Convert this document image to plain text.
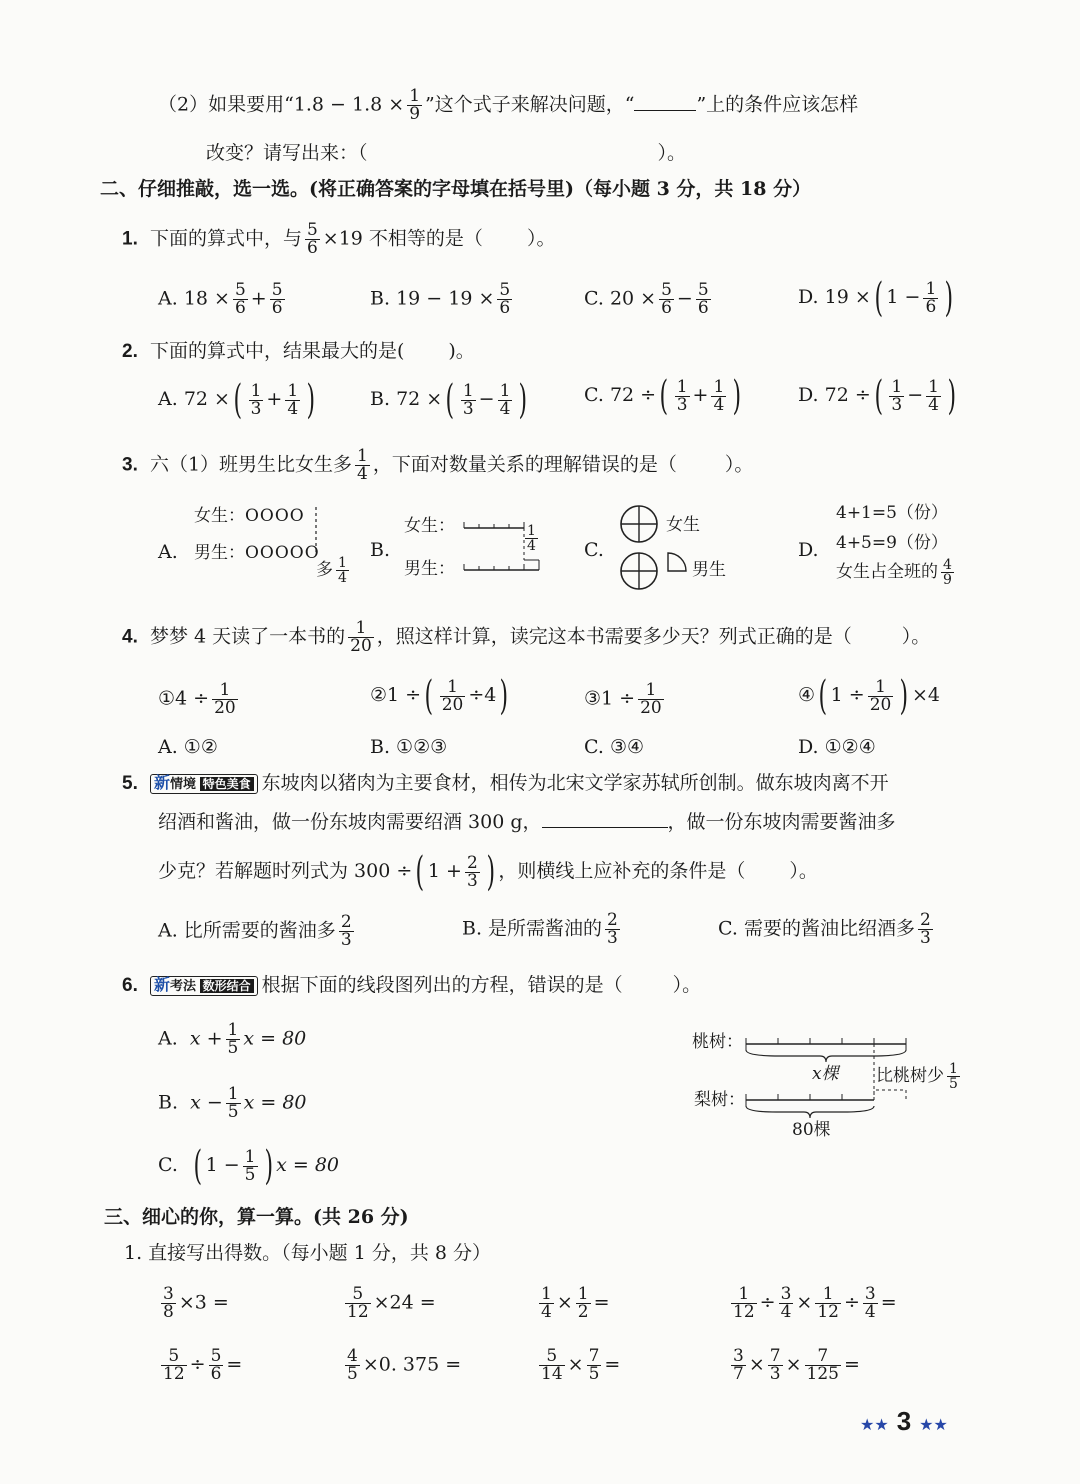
（2）如果要用“$1.8 - 1.8 \times \frac{1}{9}$ ”这个式子来解决问题，“	”上的条件应该怎样
改变？请写出来：（	）。
二、仔细推敲，选一选。(将正确答案的字母填在括号里)（每小题 3 分，共 18 分）
1. 下面的算式中，与 $\frac{5}{6} \times 19$ 不相等的是（ ）。
A. $18 \times \frac{5}{6} + \frac{5}{6}$	B. $19 - 19 \times \frac{5}{6}$	C. $20 \times \frac{5}{6} - \frac{5}{6}$	D. 19 ×( $1 - \frac{1}{6}$ )
2. 下面的算式中，结果最大的是( )。
A. 72 ×( $\frac{1}{3} + \frac{1}{4}$ )	B. 72 ×( $\frac{1}{3} - \frac{1}{4}$ )	C. 72 ÷( $\frac{1}{3} + \frac{1}{4}$ )	D. 72 ÷( $\frac{1}{3} - \frac{1}{4}$ )
3. 六（1）班男生比女生多 $\frac{1}{4}$ ，下面对数量关系的理解错误的是（	）。
A.
女生：OOOO
男生：OOOOO
多 $\frac{1}{4}$
B.
女生：
男生：
$\frac{1}{4} C$.
女生
男生
D.
4+1=5（份）
4+5=9（份）
女生占全班的 $\frac{4}{9}$
4. 梦梦 4 天读了一本书的 $\frac{1}{20}$ ，照这样计算，读完这本书需要多少天？列式正确的是（	）。
①4 ÷ $\frac{1}{20}$	②1 ÷( $\frac{1}{20} \div 4$)	③1 ÷ $\frac{1}{20}$	④( $1 \div \frac{1}{20}$ ) ×4
A. ①②	B. ①②③	C. ③④	D. ①②④
5. 新情境 特色美食 东坡肉以猪肉为主要食材，相传为北宋文学家苏轼所创制。做东坡肉离不开
绍酒和酱油，做一份东坡肉需要绍酒 300 g，	，做一份东坡肉需要酱油多
少克？若解题时列式为 300 ÷( $1 + \frac{2}{3}$ ) ，则横线上应补充的条件是（ ）。
A. 比所需要的酱油多 $\frac{2}{3}$	B. 是所需酱油的 $\frac{2}{3}$	C. 需要的酱油比绍酒多 $\frac{2}{3}$
6. 新考法 数形结合 根据下面的线段图列出的方程，错误的是（	）。
A. $x + \frac{1}{5}$ x = 80
B. $x - \frac{1}{5}$ x = 80
C. ( $1 - \frac{1}{5}$ ) x = 80
桃树：
梨树：
x棵 比桃树少 $\frac{1}{5}$
80棵
三、细心的你，算一算。(共 26 分)
1. 直接写出得数。（每小题 1 分，共 8 分）
$\frac{3}{8} \times 3$ =	$\frac{5}{12} \times 24$ =	$\frac{1}{4} \times \frac{1}{2}$ =	$\frac{1}{12} \div \frac{3}{4} \times \frac{1}{12} \div \frac{3}{4}$ =
$\frac{5}{12} \div \frac{5}{6}$ =	$\frac{4}{5} \times 0$. 375 =	$\frac{5}{14} \times \frac{7}{5}$ =	$\frac{3}{7} \times \frac{7}{3} \times \frac{7}{125}$ =
★★ 3 ★★
